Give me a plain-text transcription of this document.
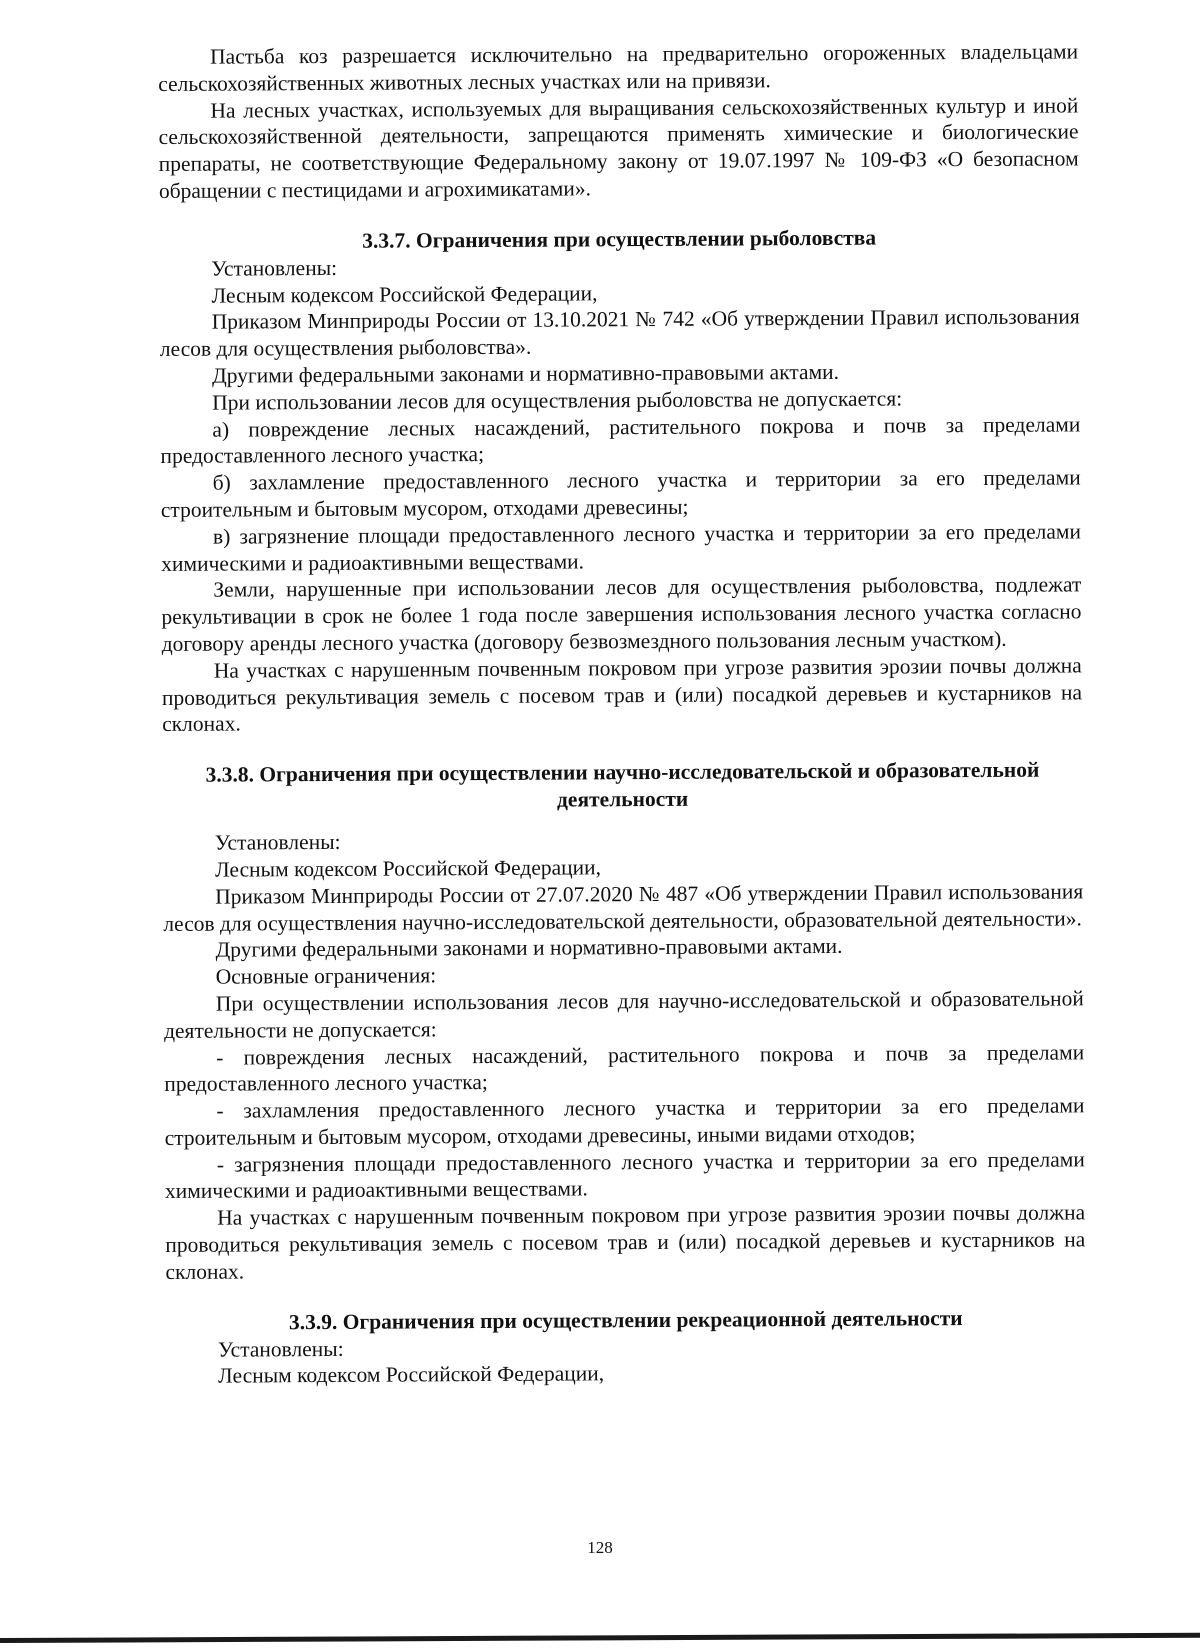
Пастьба коз разрешается исключительно на предварительно огороженных владельцами сельскохозяйственных животных лесных участках или на привязи.

На лесных участках, используемых для выращивания сельскохозяйственных культур и иной сельскохозяйственной деятельности, запрещаются применять химические и биологические препараты, не соответствующие Федеральному закону от 19.07.1997 № 109-ФЗ «О безопасном обращении с пестицидами и агрохимикатами».

3.3.7. Ограничения при осуществлении рыболовства

Установлены:

Лесным кодексом Российской Федерации,

Приказом Минприроды России от 13.10.2021 № 742 «Об утверждении Правил использования лесов для осуществления рыболовства».

Другими федеральными законами и нормативно-правовыми актами.

При использовании лесов для осуществления рыболовства не допускается:

а) повреждение лесных насаждений, растительного покрова и почв за пределами предоставленного лесного участка;

б) захламление предоставленного лесного участка и территории за его пределами строительным и бытовым мусором, отходами древесины;

в) загрязнение площади предоставленного лесного участка и территории за его пределами химическими и радиоактивными веществами.

Земли, нарушенные при использовании лесов для осуществления рыболовства, подлежат рекультивации в срок не более 1 года после завершения использования лесного участка согласно договору аренды лесного участка (договору безвозмездного пользования лесным участком).

На участках с нарушенным почвенным покровом при угрозе развития эрозии почвы должна проводиться рекультивация земель с посевом трав и (или) посадкой деревьев и кустарников на склонах.

3.3.8. Ограничения при осуществлении научно-исследовательской и образовательной деятельности

Установлены:

Лесным кодексом Российской Федерации,

Приказом Минприроды России от 27.07.2020 № 487 «Об утверждении Правил использования лесов для осуществления научно-исследовательской деятельности, образовательной деятельности».

Другими федеральными законами и нормативно-правовыми актами.

Основные ограничения:

При осуществлении использования лесов для научно-исследовательской и образовательной деятельности не допускается:

- повреждения лесных насаждений, растительного покрова и почв за пределами предоставленного лесного участка;

- захламления предоставленного лесного участка и территории за его пределами строительным и бытовым мусором, отходами древесины, иными видами отходов;

- загрязнения площади предоставленного лесного участка и территории за его пределами химическими и радиоактивными веществами.

На участках с нарушенным почвенным покровом при угрозе развития эрозии почвы должна проводиться рекультивация земель с посевом трав и (или) посадкой деревьев и кустарников на склонах.

3.3.9. Ограничения при осуществлении рекреационной деятельности

Установлены:

Лесным кодексом Российской Федерации,

128
